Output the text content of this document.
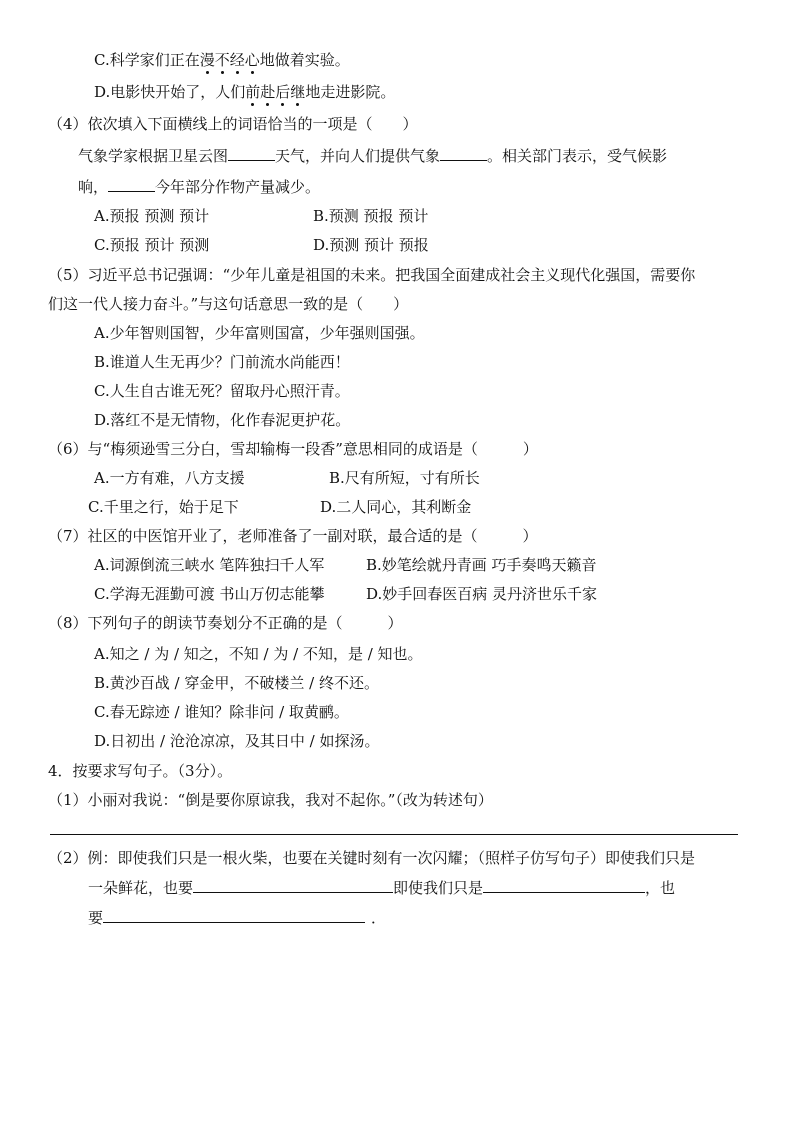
C.科学家们正在漫不经心地做着实验。
D.电影快开始了，人们前赴后继地走进影院。
（4）依次填入下面横线上的词语恰当的一项是（　　）
气象学家根据卫星云图	天气，并向人们提供气象	。相关部门表示，受气候影
响，	今年部分作物产量减少。
A.预报 预测 预计	B.预测 预报 预计
C.预报 预计 预测	D.预测 预计 预报
（5）习近平总书记强调：“少年儿童是祖国的未来。把我国全面建成社会主义现代化强国，需要你
们这一代人接力奋斗。”与这句话意思一致的是（　　）
A.少年智则国智，少年富则国富，少年强则国强。
B.谁道人生无再少？门前流水尚能西！
C.人生自古谁无死？留取丹心照汗青。
D.落红不是无情物，化作春泥更护花。
（6）与“梅须逊雪三分白，雪却输梅一段香”意思相同的成语是（　　　）
A.一方有难，八方支援	B.尺有所短，寸有所长
C.千里之行，始于足下	D.二人同心，其利断金
（7）社区的中医馆开业了，老师准备了一副对联，最合适的是（　　　）
A.词源倒流三峡水 笔阵独扫千人军	B.妙笔绘就丹青画 巧手奏鸣天籁音
C.学海无涯勤可渡 书山万仞志能攀	D.妙手回春医百病 灵丹济世乐千家
（8）下列句子的朗读节奏划分不正确的是（　　　）
A.知之 / 为 / 知之，不知 / 为 / 不知，是 / 知也。
B.黄沙百战 / 穿金甲，不破楼兰 / 终不还。
C.春无踪迹 / 谁知？除非问 / 取黄鹂。
D.日初出 / 沧沧凉凉，及其日中 / 如探汤。
4．按要求写句子。（3分）。
（1）小丽对我说：“倒是要你原谅我，我对不起你。”（改为转述句）
（2）例：即使我们只是一根火柴，也要在关键时刻有一次闪耀；（照样子仿写句子）即使我们只是
一朵鲜花，也要	即使我们只是	，也
要	．
